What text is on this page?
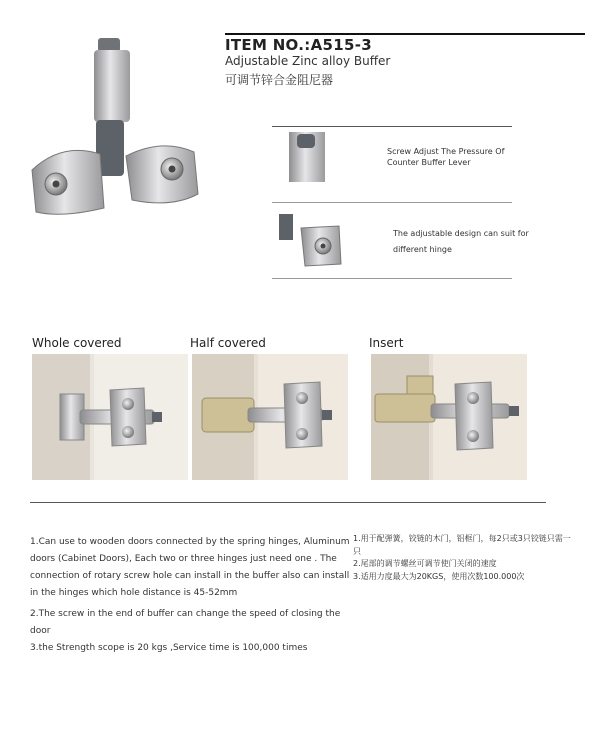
ITEM NO.:A515-3
Adjustable Zinc alloy Buffer
可调节锌合金阻尼器
Screw Adjust The Pressure Of Counter Buffer Lever
The adjustable design can suit for different hinge
Whole covered	Half covered	Insert

1.Can use to wooden doors connected by the spring hinges, Aluminum doors (Cabinet Doors), Each two or three hinges just need one . The connection of rotary screw hole can install in the buffer also can install in the hinges which hole distance is 45-52mm

2.The screw in the end of buffer can change the speed of closing the door

3.the Strength scope is 20 kgs ,Service time is 100,000 times

1.用于配弹簧，铰链的木门，铝框门，每2只或3只铰链只需一只

2.尾部的调节螺丝可调节使门关闭的速度

3.适用力度最大为20KGS，使用次数100.000次
